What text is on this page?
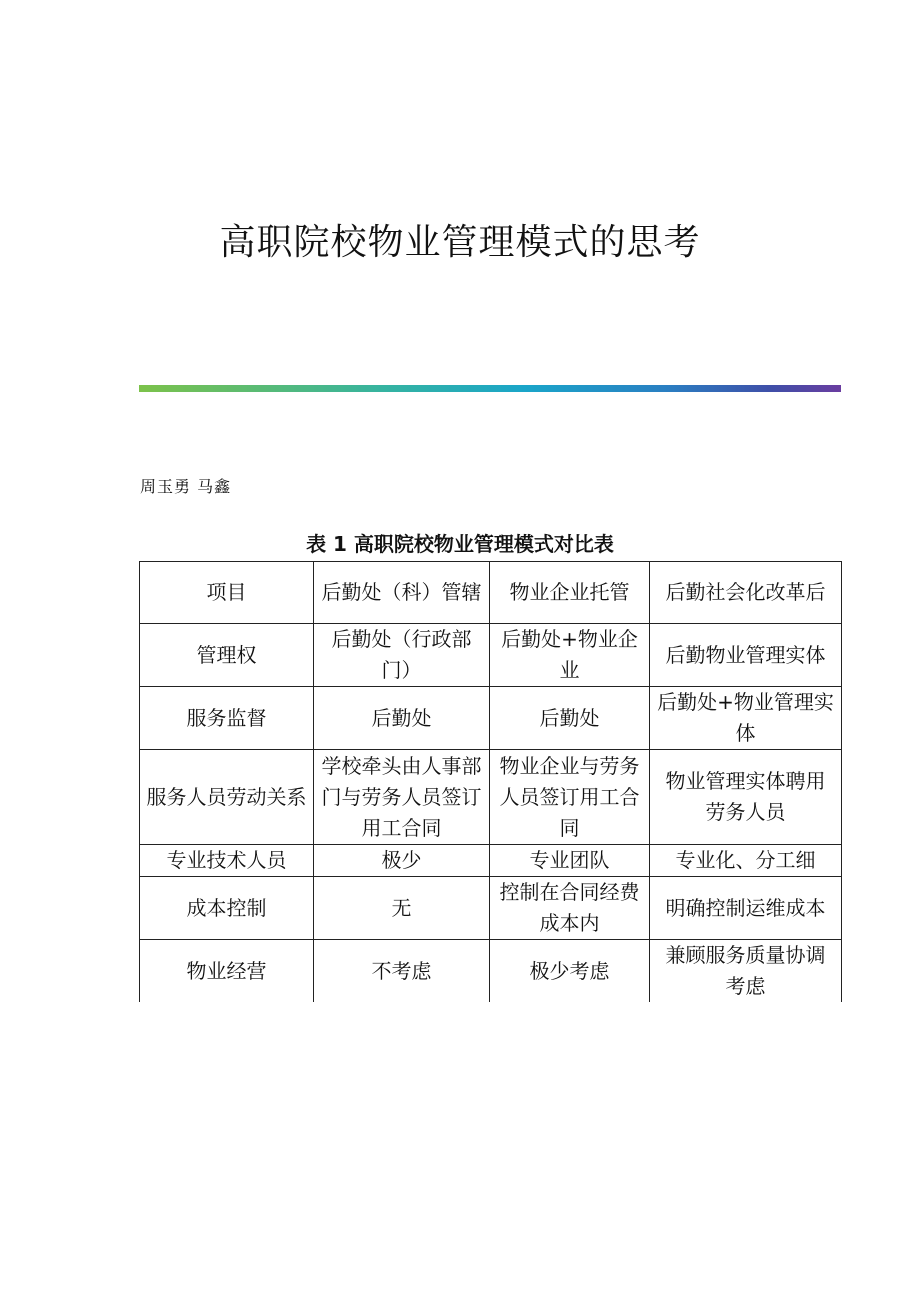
高职院校物业管理模式的思考
周玉勇 马鑫
表 1 高职院校物业管理模式对比表
项目	后勤处（科）管辖	物业企业托管	后勤社会化改革后
管理权	后勤处（行政部门）	后勤处+物业企业	后勤物业管理实体
服务监督	后勤处	后勤处	后勤处+物业管理实体
服务人员劳动关系	学校牵头由人事部门与劳务人员签订用工合同	物业企业与劳务人员签订用工合同	物业管理实体聘用劳务人员
专业技术人员	极少	专业团队	专业化、分工细
成本控制	无	控制在合同经费成本内	明确控制运维成本
物业经营	不考虑	极少考虑	兼顾服务质量协调考虑
